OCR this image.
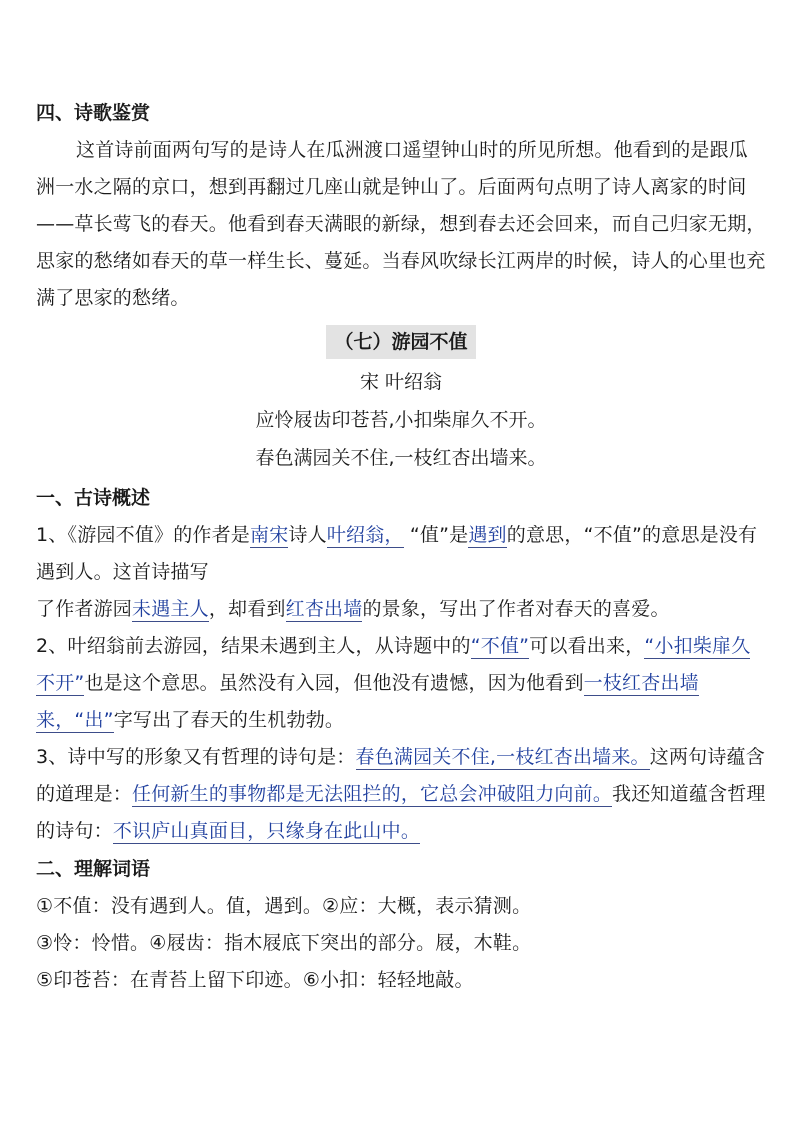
四、诗歌鉴赏

这首诗前面两句写的是诗人在瓜洲渡口遥望钟山时的所见所想。他看到的是跟瓜洲一水之隔的京口，想到再翻过几座山就是钟山了。后面两句点明了诗人离家的时间——草长莺飞的春天。他看到春天满眼的新绿，想到春去还会回来，而自己归家无期，思家的愁绪如春天的草一样生长、蔓延。当春风吹绿长江两岸的时候，诗人的心里也充满了思家的愁绪。

（七）游园不值

宋 叶绍翁

应怜屐齿印苍苔,小扣柴扉久不开。

春色满园关不住,一枝红杏出墙来。

一、古诗概述

1、《游园不值》的作者是南宋诗人叶绍翁， “值”是遇到的意思，“不值”的意思是没有遇到人。这首诗描写

了作者游园未遇主人，却看到红杏出墙的景象，写出了作者对春天的喜爱。

2、叶绍翁前去游园，结果未遇到主人，从诗题中的“不值”可以看出来，“小扣柴扉久不开”也是这个意思。虽然没有入园，但他没有遗憾，因为他看到一枝红杏出墙来，“出”字写出了春天的生机勃勃。

3、诗中写的形象又有哲理的诗句是：春色满园关不住,一枝红杏出墙来。这两句诗蕴含的道理是：任何新生的事物都是无法阻拦的，它总会冲破阻力向前。我还知道蕴含哲理的诗句：不识庐山真面目，只缘身在此山中。

二、理解词语

①不值：没有遇到人。值，遇到。②应：大概，表示猜测。

③怜：怜惜。④屐齿：指木屐底下突出的部分。屐，木鞋。

⑤印苍苔：在青苔上留下印迹。⑥小扣：轻轻地敲。
